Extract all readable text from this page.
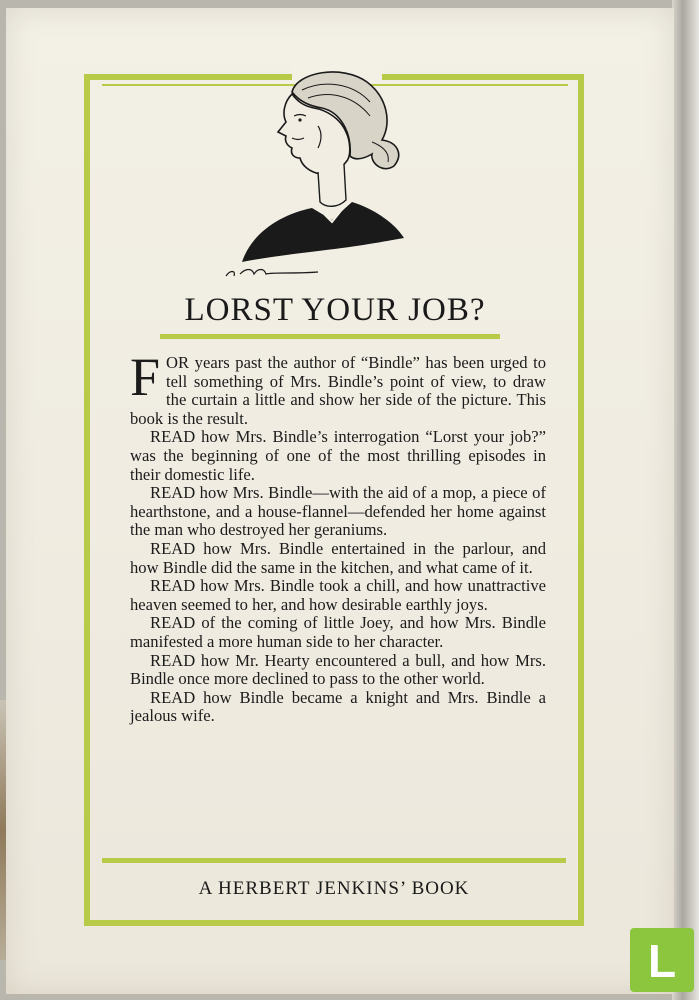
LORST YOUR JOB?

FOR years past the author of “Bindle” has been urged to tell something of Mrs. Bindle’s point of view, to draw the curtain a little and show her side of the picture. This book is the result.

READ how Mrs. Bindle’s interrogation “Lorst your job?” was the beginning of one of the most thrilling episodes in their domestic life.

READ how Mrs. Bindle—with the aid of a mop, a piece of hearthstone, and a house-flannel—defended her home against the man who destroyed her geraniums.

READ how Mrs. Bindle entertained in the parlour, and how Bindle did the same in the kitchen, and what came of it.

READ how Mrs. Bindle took a chill, and how unattractive heaven seemed to her, and how desirable earthly joys.

READ of the coming of little Joey, and how Mrs. Bindle manifested a more human side to her character.

READ how Mr. Hearty encountered a bull, and how Mrs. Bindle once more declined to pass to the other world.

READ how Bindle became a knight and Mrs. Bindle a jealous wife.

A HERBERT JENKINS’ BOOK
L
